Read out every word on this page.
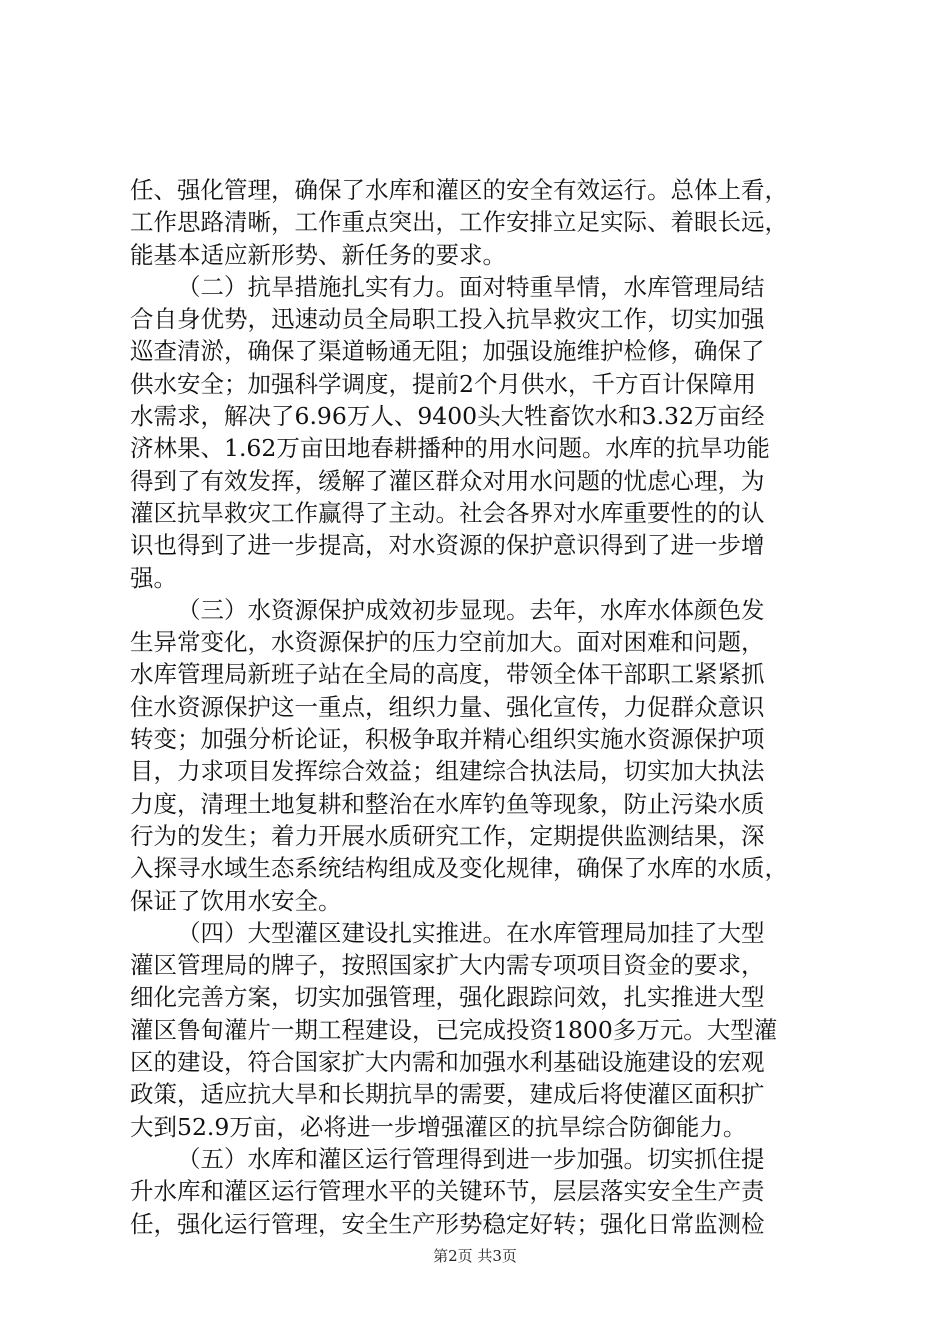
任、强化管理，确保了水库和灌区的安全有效运行。总体上看，
工作思路清晰，工作重点突出，工作安排立足实际、着眼长远，
能基本适应新形势、新任务的要求。
（二）抗旱措施扎实有力。面对特重旱情，水库管理局结
合自身优势，迅速动员全局职工投入抗旱救灾工作，切实加强
巡查清淤，确保了渠道畅通无阻；加强设施维护检修，确保了
供水安全；加强科学调度，提前2个月供水，千方百计保障用
水需求，解决了6.96万人、9400头大牲畜饮水和3.32万亩经
济林果、1.62万亩田地春耕播种的用水问题。水库的抗旱功能
得到了有效发挥，缓解了灌区群众对用水问题的忧虑心理，为
灌区抗旱救灾工作赢得了主动。社会各界对水库重要性的的认
识也得到了进一步提高，对水资源的保护意识得到了进一步增
强。
（三）水资源保护成效初步显现。去年，水库水体颜色发
生异常变化，水资源保护的压力空前加大。面对困难和问题，
水库管理局新班子站在全局的高度，带领全体干部职工紧紧抓
住水资源保护这一重点，组织力量、强化宣传，力促群众意识
转变；加强分析论证，积极争取并精心组织实施水资源保护项
目，力求项目发挥综合效益；组建综合执法局，切实加大执法
力度，清理土地复耕和整治在水库钓鱼等现象，防止污染水质
行为的发生；着力开展水质研究工作，定期提供监测结果，深
入探寻水域生态系统结构组成及变化规律，确保了水库的水质，
保证了饮用水安全。
（四）大型灌区建设扎实推进。在水库管理局加挂了大型
灌区管理局的牌子，按照国家扩大内需专项项目资金的要求，
细化完善方案，切实加强管理，强化跟踪问效，扎实推进大型
灌区鲁甸灌片一期工程建设，已完成投资1800多万元。大型灌
区的建设，符合国家扩大内需和加强水利基础设施建设的宏观
政策，适应抗大旱和长期抗旱的需要，建成后将使灌区面积扩
大到52.9万亩，必将进一步增强灌区的抗旱综合防御能力。
（五）水库和灌区运行管理得到进一步加强。切实抓住提
升水库和灌区运行管理水平的关键环节，层层落实安全生产责
任，强化运行管理，安全生产形势稳定好转；强化日常监测检
第2页 共3页
